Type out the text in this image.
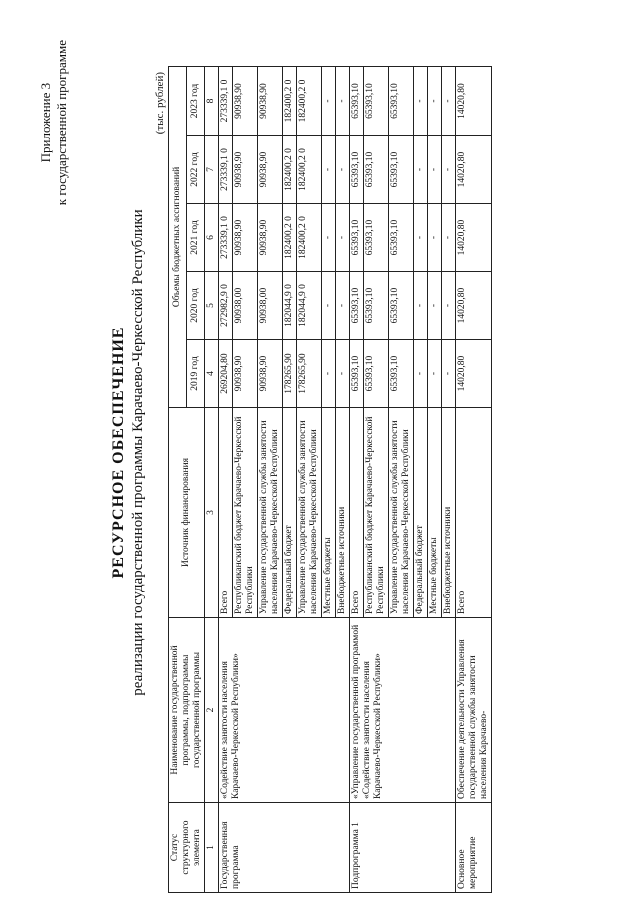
Приложение 3 к государственной программе
РЕСУРСНОЕ ОБЕСПЕЧЕНИЕ реализации государственной программы Карачаево-Черкесской Республики
(тыс. рублей)
Статус структурного элемента	Наименование государственной программы, подпрограммы государственной программы	Источник финансирования	Объемы бюджетных ассигнований				
			2019 год	2020 год	2021 год	2022 год	2023 год
1	2	3	4	5	6	7	8
Государственная программа	«Содействие занятости населения Карачаево-Черкесской Республики»	Всего	269204,80	272982,9 0	273339,1 0	273339,1 0	273339,1 0
		Республиканский бюджет Карачаево-Черкесской Республики	90938,90	90938,00	90938,90	90938,90	90938,90
		Управление государственной службы занятости населения Карачаево-Черкесской Республики	90938,90	90938,00	90938,90	90938,90	90938,90
		Федеральный бюджет	178265,90	182044,9 0	182400,2 0	182400,2 0	182400,2 0
		Управление государственной службы занятости населения Карачаево-Черкесской Республики	178265,90	182044,9 0	182400,2 0	182400,2 0	182400,2 0
		Местные бюджеты	-	-	-	-	-
		Внебюджетные источники	-	-	-	-	-
Подпрограмма 1	«Управление государственной программой «Содействие занятости населения Карачаево-Черкесской Республики»	Всего	65393,10	65393,10	65393,10	65393,10	65393,10
		Республиканский бюджет Карачаево-Черкесской Республики	65393,10	65393,10	65393,10	65393,10	65393,10
		Управление государственной службы занятости населения Карачаево-Черкесской Республики	65393,10	65393,10	65393,10	65393,10	65393,10
		Федеральный бюджет	-	-	-	-	-
		Местные бюджеты	-	-	-	-	-
		Внебюджетные источники	-	-	-	-	-
Основное мероприятие	Обеспечение деятельности Управления государственной службы занятости населения Карачаево-	Всего	14020,80	14020,80	14020,80	14020,80	14020,80
